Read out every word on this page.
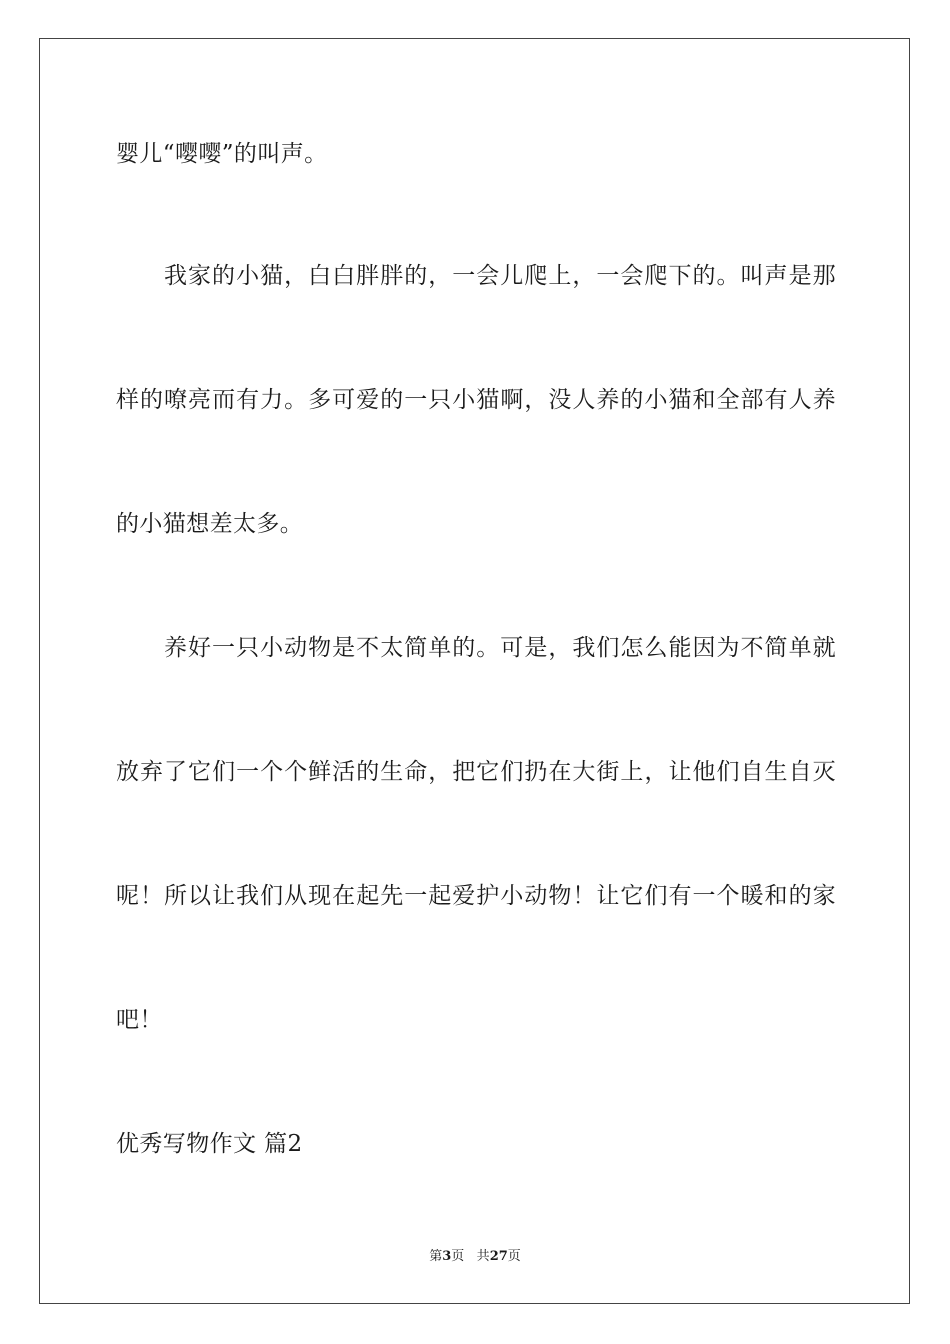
婴儿“嘤嘤”的叫声。
我家的小猫，白白胖胖的，一会儿爬上，一会爬下的。叫声是那
样的嘹亮而有力。多可爱的一只小猫啊，没人养的小猫和全部有人养
的小猫想差太多。
养好一只小动物是不太简单的。可是，我们怎么能因为不简单就
放弃了它们一个个鲜活的生命，把它们扔在大街上，让他们自生自灭
呢！所以让我们从现在起先一起爱护小动物！让它们有一个暖和的家
吧！
优秀写物作文 篇2
第3页 共27页
